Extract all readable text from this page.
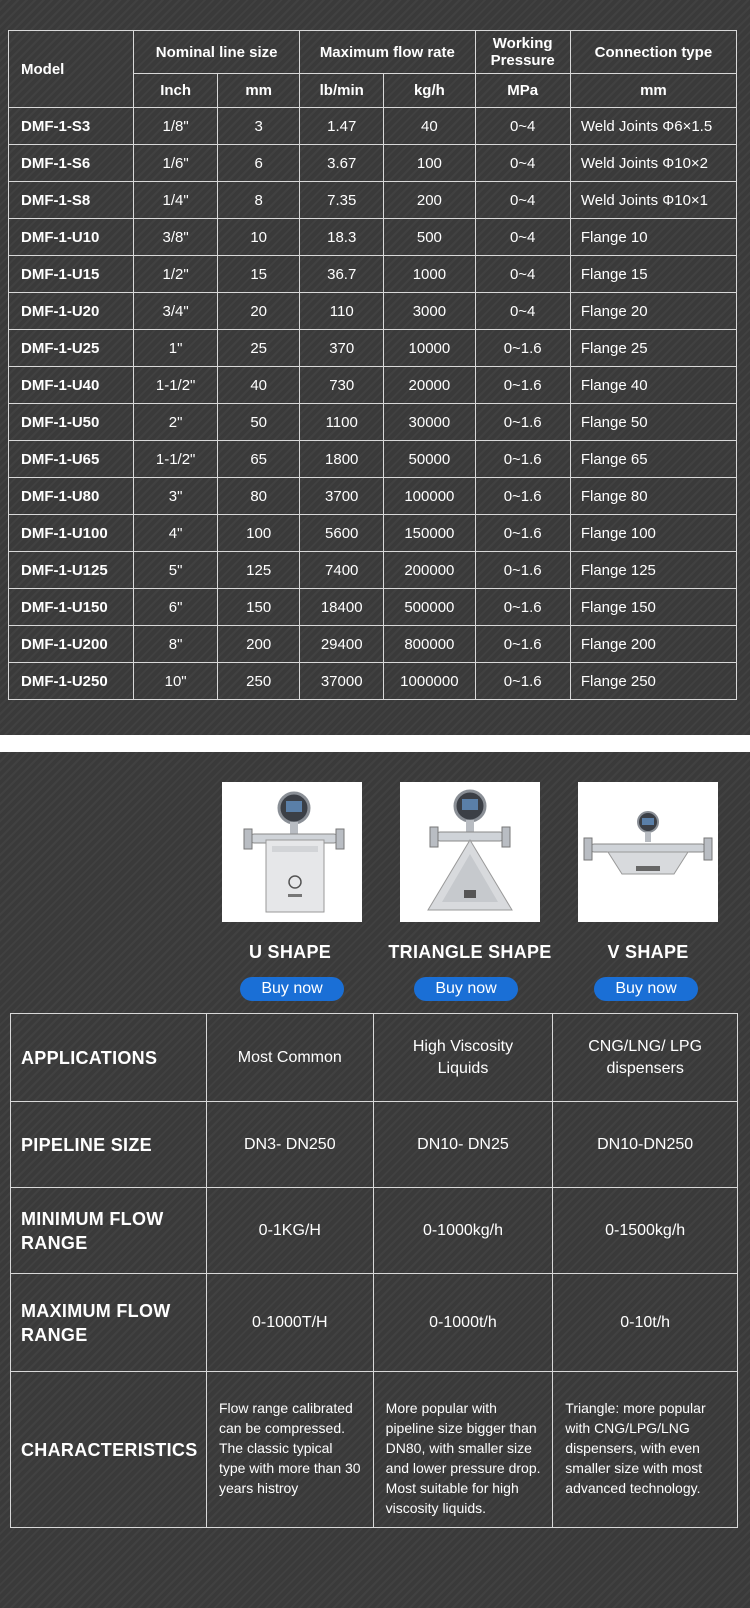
Model	Nominal line size		Maximum flow rate		Working Pressure	Connection type
	Inch	mm	lb/min	kg/h	MPa	mm
DMF-1-S3	1/8"	3	1.47	40	0~4	Weld Joints Φ6×1.5
DMF-1-S6	1/6"	6	3.67	100	0~4	Weld Joints Φ10×2
DMF-1-S8	1/4"	8	7.35	200	0~4	Weld Joints Φ10×1
DMF-1-U10	3/8"	10	18.3	500	0~4	Flange 10
DMF-1-U15	1/2"	15	36.7	1000	0~4	Flange 15
DMF-1-U20	3/4"	20	110	3000	0~4	Flange 20
DMF-1-U25	1"	25	370	10000	0~1.6	Flange 25
DMF-1-U40	1-1/2"	40	730	20000	0~1.6	Flange 40
DMF-1-U50	2"	50	1100	30000	0~1.6	Flange 50
DMF-1-U65	1-1/2"	65	1800	50000	0~1.6	Flange 65
DMF-1-U80	3"	80	3700	100000	0~1.6	Flange 80
DMF-1-U100	4"	100	5600	150000	0~1.6	Flange 100
DMF-1-U125	5"	125	7400	200000	0~1.6	Flange 125
DMF-1-U150	6"	150	18400	500000	0~1.6	Flange 150
DMF-1-U200	8"	200	29400	800000	0~1.6	Flange 200
DMF-1-U250	10"	250	37000	1000000	0~1.6	Flange 250
U SHAPE
Buy now
TRIANGLE SHAPE
Buy now
V SHAPE
Buy now
APPLICATIONS	Most Common	High Viscosity Liquids	CNG/LNG/ LPG dispensers
PIPELINE SIZE	DN3- DN250	DN10- DN25	DN10-DN250
MINIMUM FLOW RANGE	0-1KG/H	0-1000kg/h	0-1500kg/h
MAXIMUM FLOW RANGE	0-1000T/H	0-1000t/h	0-10t/h
CHARACTERISTICS	Flow range calibrated can be compressed. The classic typical type with more than 30 years histroy	More popular with pipeline size bigger than DN80, with smaller size and lower pressure drop. Most suitable for high viscosity liquids.	Triangle: more popular with CNG/LPG/LNG dispensers, with even smaller size with most advanced technology.
